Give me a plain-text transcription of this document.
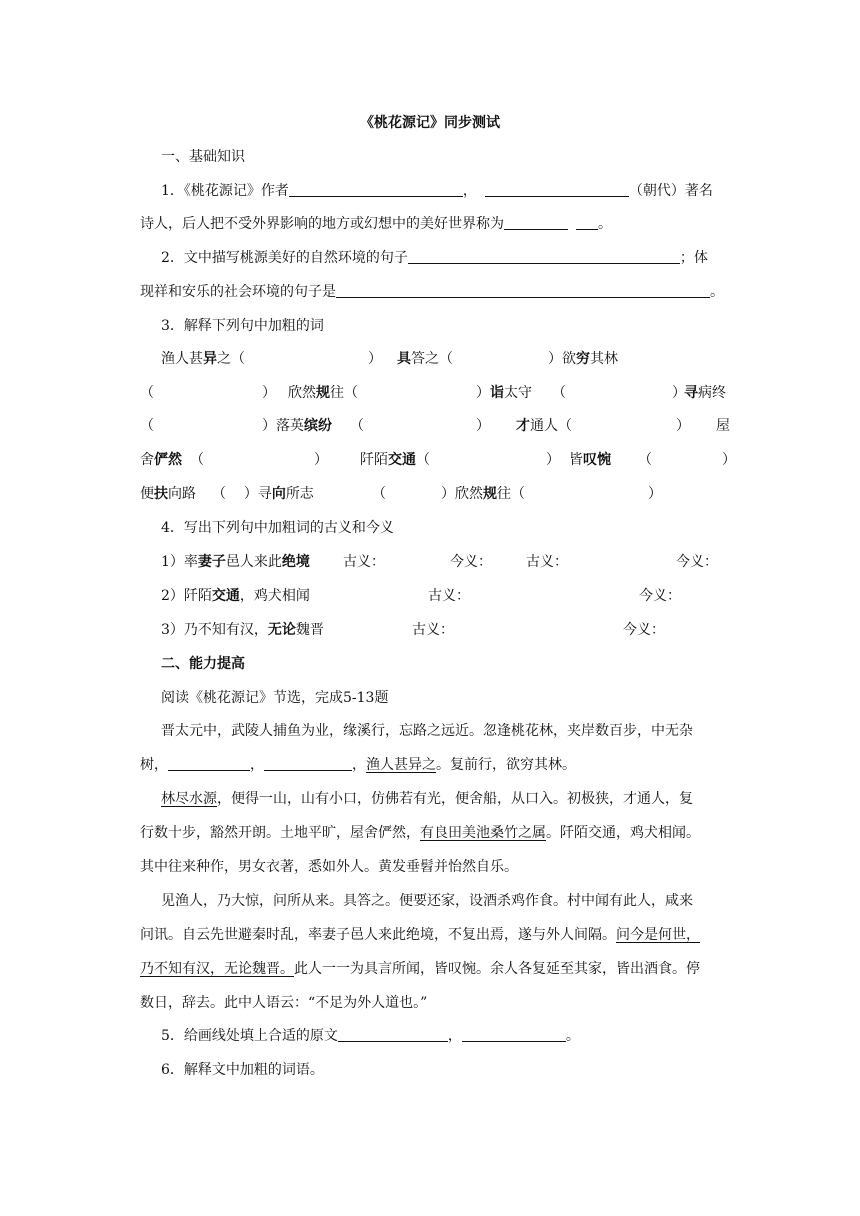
《桃花源记》同步测试
一、基础知识
1．《桃花源记》作者	，	（朝代）著名
诗人，后人把不受外界影响的地方或幻想中的美好世界称为	。
2．文中描写桃源美好的自然环境的句子	；体
现祥和安乐的社会环境的句子是	。
3．解释下列句中加粗的词
渔人甚异之（	） 具答之（	）欲穷其林
（	） 欣然规往（	） 诣太守 （	）
寻病终
（	）落英缤纷 （	） 才通人（	） 屋
舍俨然 （	） 阡陌交通（	） 皆叹惋 （	）
便扶向路 （ ）寻向所志	（	）欣然规往（	）
4．写出下列句中加粗词的古义和今义
1）率妻子邑人来此绝境 古义：	今义： 古义：	今义：
2）阡陌交通，鸡犬相闻	古义：	今义：
3）乃不知有汉，无论魏晋	古义：	今义：
二、能力提高
阅读《桃花源记》节选，完成5-13题
晋太元中，武陵人捕鱼为业，缘溪行，忘路之远近。忽逢桃花林，夹岸数百步，中无杂
树，	，	，渔人甚异之。复前行，欲穷其林。
林尽水源，便得一山，山有小口，仿佛若有光，便舍船，从口入。初极狭，才通人，复
行数十步，豁然开朗。土地平旷，屋舍俨然，有良田美池桑竹之属。阡陌交通，鸡犬相闻。
其中往来种作，男女衣著，悉如外人。黄发垂髫并怡然自乐。
见渔人，乃大惊，问所从来。具答之。便要还家，设酒杀鸡作食。村中闻有此人，咸来
问讯。自云先世避秦时乱，率妻子邑人来此绝境，不复出焉，遂与外人间隔。问今是何世，
乃不知有汉，无论魏晋。此人一一为具言所闻，皆叹惋。余人各复延至其家，皆出酒食。停
数日，辞去。此中人语云：“不足为外人道也。”
5．给画线处填上合适的原文	，	。
6．解释文中加粗的词语。
